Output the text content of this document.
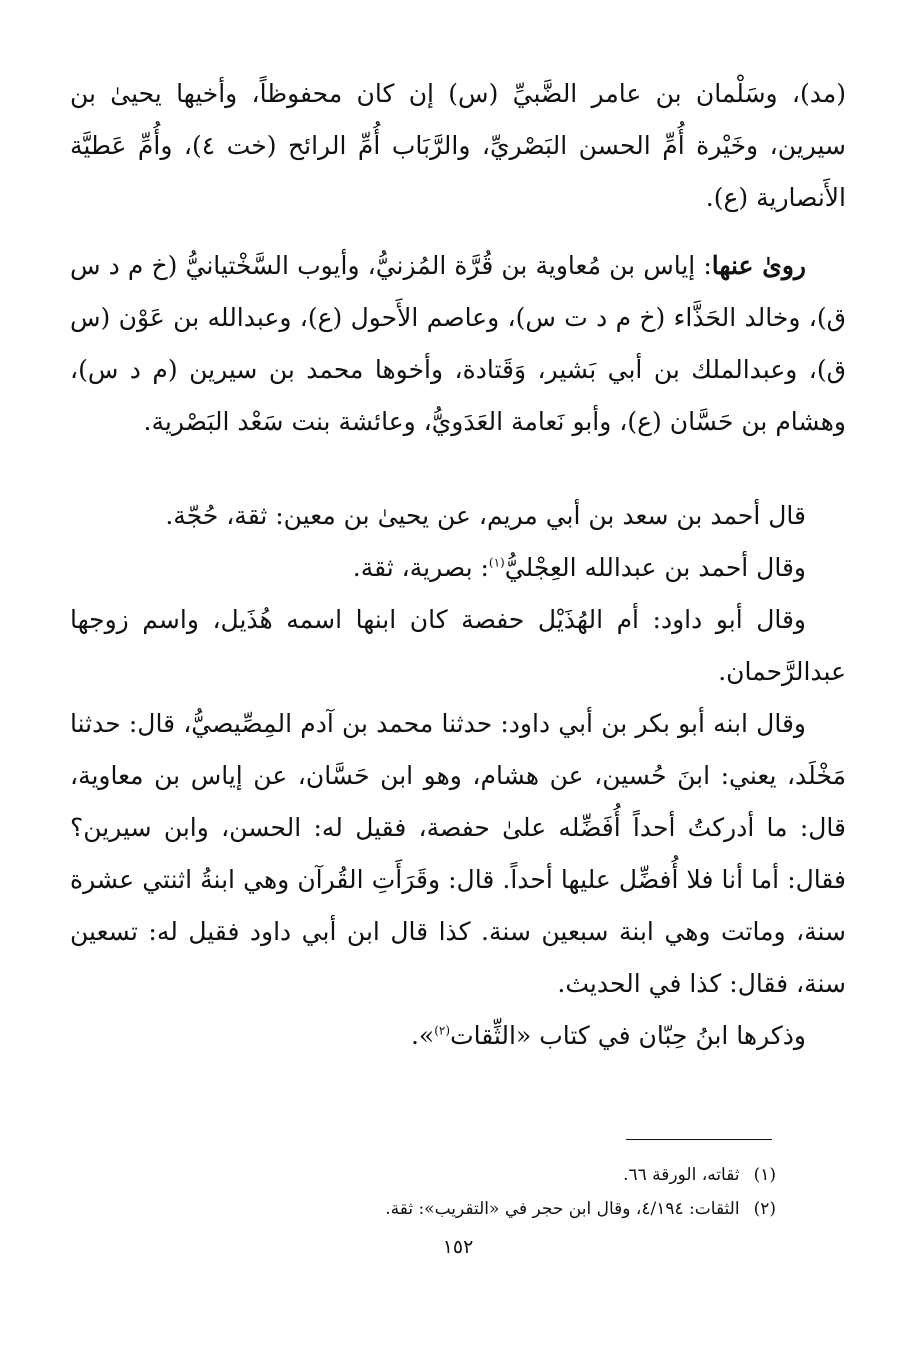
(مد)، وسَلْمان بن عامر الضَّبيِّ (س) إن كان محفوظاً، وأخيها يحيىٰ بن سيرين، وخَيْرة أُمِّ الحسن البَصْريِّ، والرَّبَاب أُمِّ الرائح (خت ٤)، وأُمِّ عَطيَّة الأَنصارية (ع).

روىٰ عنها: إياس بن مُعاوية بن قُرَّة المُزنيُّ، وأيوب السَّخْتيانيُّ (خ م د س ق)، وخالد الحَذَّاء (خ م د ت س)، وعاصم الأَحول (ع)، وعبدالله بن عَوْن (س ق)، وعبدالملك بن أبي بَشير، وَقَتادة، وأخوها محمد بن سيرين (م د س)، وهشام بن حَسَّان (ع)، وأبو نَعامة العَدَويُّ، وعائشة بنت سَعْد البَصْرية.

قال أحمد بن سعد بن أبي مريم، عن يحيىٰ بن معين: ثقة، حُجّة.

وقال أحمد بن عبدالله العِجْليُّ$^{(١)}$: بصرية، ثقة.

وقال أبو داود: أم الهُذَيْل حفصة كان ابنها اسمه هُذَيل، واسم زوجها عبدالرَّحمان.

وقال ابنه أبو بكر بن أبي داود: حدثنا محمد بن آدم المِصِّيصيُّ، قال: حدثنا مَخْلَد، يعني: ابنَ حُسين، عن هشام، وهو ابن حَسَّان، عن إياس بن معاوية، قال: ما أدركتُ أحداً أُفَضِّله علىٰ حفصة، فقيل له: الحسن، وابن سيرين؟ فقال: أما أنا فلا أُفضِّل عليها أحداً. قال: وقَرَأَتِ القُرآن وهي ابنةُ اثنتي عشرة سنة، وماتت وهي ابنة سبعين سنة. كذا قال ابن أبي داود فقيل له: تسعين سنة، فقال: كذا في الحديث.

وذكرها ابنُ حِبّان في كتاب «الثِّقات$^{(٢)}$».

(١)ثقاته، الورقة ٦٦.
(٢)الثقات: ٤/١٩٤، وقال ابن حجر في «التقريب»: ثقة.
١٥٢
